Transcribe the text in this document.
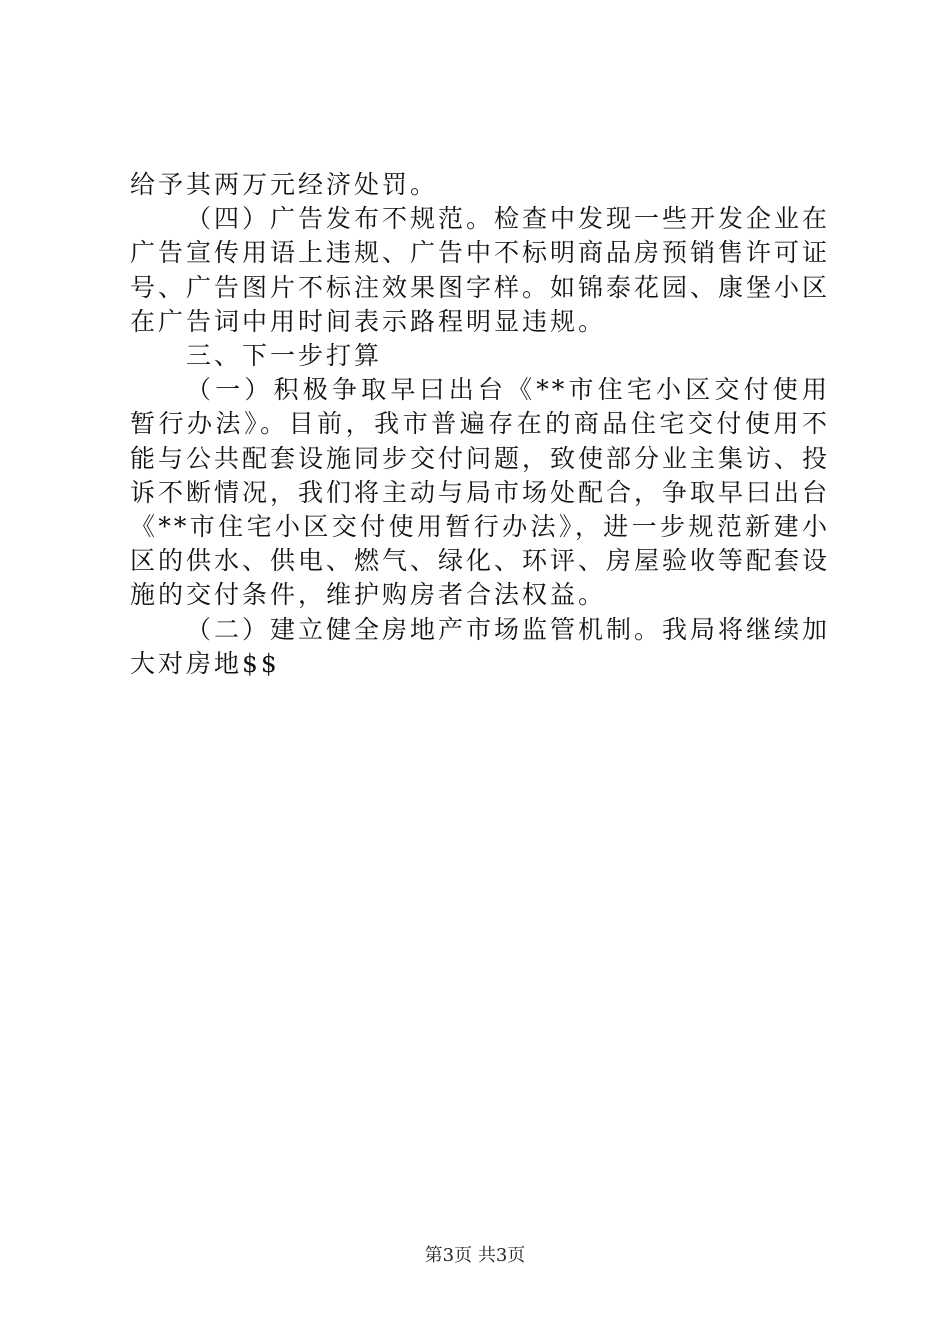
给予其两万元经济处罚。

（四）广告发布不规范。检查中发现一些开发企业在广告宣传用语上违规、广告中不标明商品房预销售许可证号、广告图片不标注效果图字样。如锦泰花园、康堡小区在广告词中用时间表示路程明显违规。

三、下一步打算

（一）积极争取早曰出台《**市住宅小区交付使用暂行办法》。目前，我市普遍存在的商品住宅交付使用不能与公共配套设施同步交付问题，致使部分业主集访、投诉不断情况，我们将主动与局市场处配合，争取早曰出台《**市住宅小区交付使用暂行办法》，进一步规范新建小区的供水、供电、燃气、绿化、环评、房屋验收等配套设施的交付条件，维护购房者合法权益。

（二）建立健全房地产市场监管机制。我局将继续加大对房地$$

第3页 共3页
